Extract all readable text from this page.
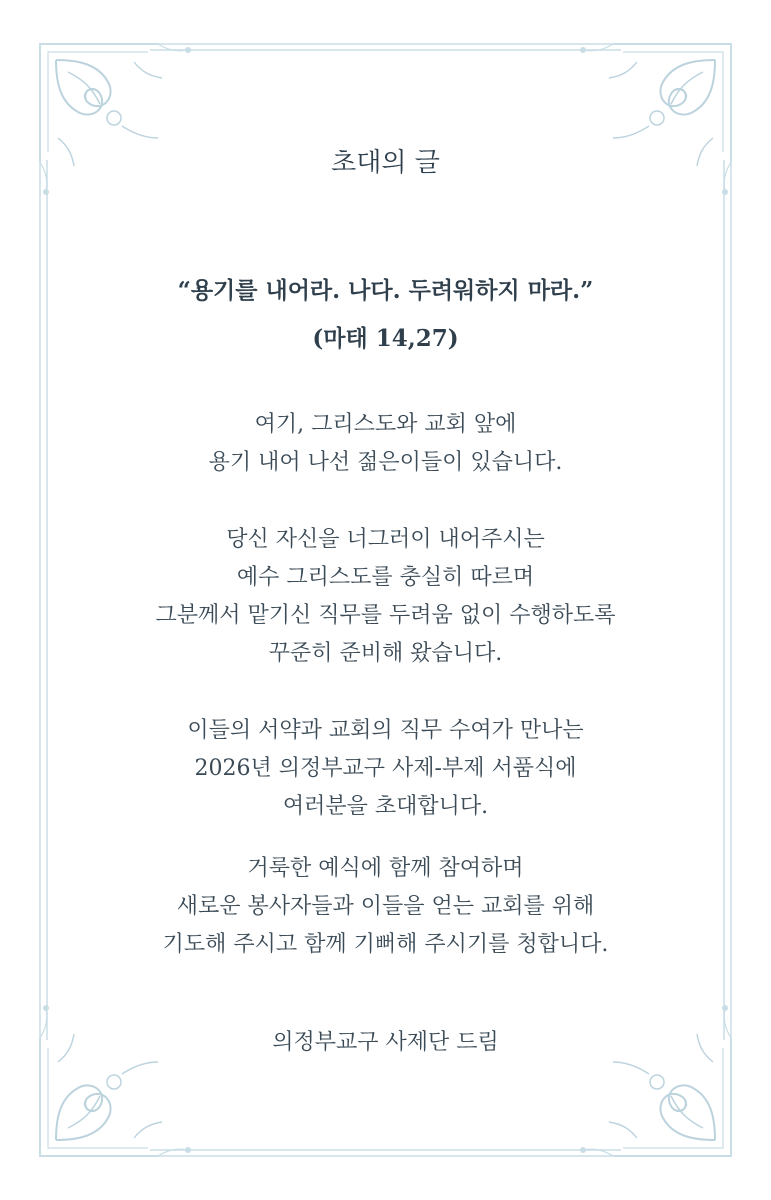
초대의 글
“용기를 내어라. 나다. 두려워하지 마라.”
(마태 14,27)
여기, 그리스도와 교회 앞에
용기 내어 나선 젊은이들이 있습니다.
당신 자신을 너그러이 내어주시는
예수 그리스도를 충실히 따르며
그분께서 맡기신 직무를 두려움 없이 수행하도록
꾸준히 준비해 왔습니다.
이들의 서약과 교회의 직무 수여가 만나는
2026년 의정부교구 사제-부제 서품식에
여러분을 초대합니다.
거룩한 예식에 함께 참여하며
새로운 봉사자들과 이들을 얻는 교회를 위해
기도해 주시고 함께 기뻐해 주시기를 청합니다.
의정부교구 사제단 드림
